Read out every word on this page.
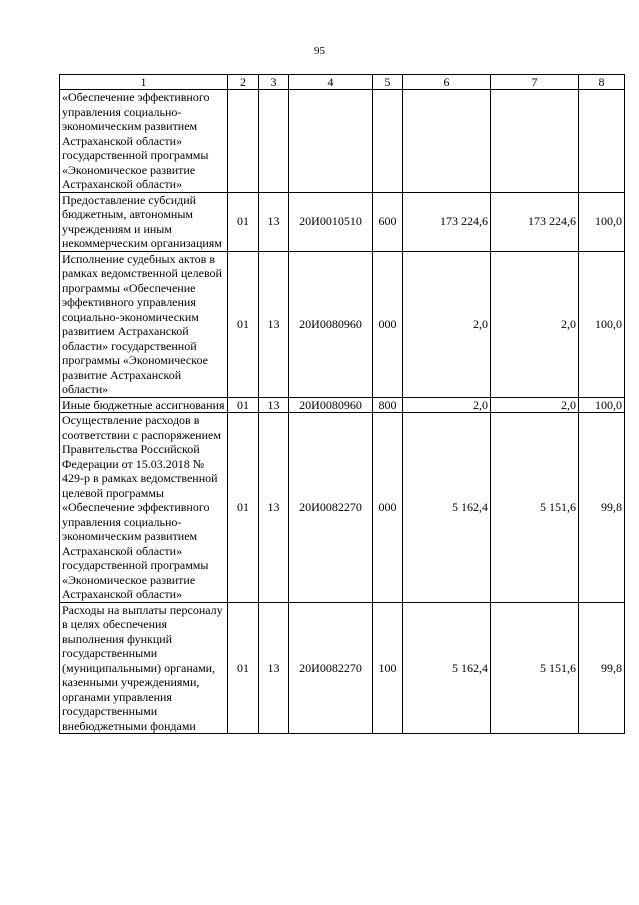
95
1	2	3	4	5	6	7	8
«Обеспечение эффективного управления социально-экономическим развитием Астраханской области» государственной программы «Экономическое развитие Астраханской области»							
Предоставление субсидий бюджетным, автономным учреждениям и иным некоммерческим организациям	01	13	20И0010510	600	173 224,6	173 224,6	100,0
Исполнение судебных актов в рамках ведомственной целевой программы «Обеспечение эффективного управления социально-экономическим развитием Астраханской области» государственной программы «Экономическое развитие Астраханской области»	01	13	20И0080960	000	2,0	2,0	100,0
Иные бюджетные ассигнования	01	13	20И0080960	800	2,0	2,0	100,0
Осуществление расходов в соответствии с распоряжением Правительства Российской Федерации от 15.03.2018 № 429-р в рамках ведомственной целевой программы «Обеспечение эффективного управления социально-экономическим развитием Астраханской области» государственной программы «Экономическое развитие Астраханской области»	01	13	20И0082270	000	5 162,4	5 151,6	99,8
Расходы на выплаты персоналу в целях обеспечения выполнения функций государственными (муниципальными) органами, казенными учреждениями, органами управления государственными внебюджетными фондами	01	13	20И0082270	100	5 162,4	5 151,6	99,8
